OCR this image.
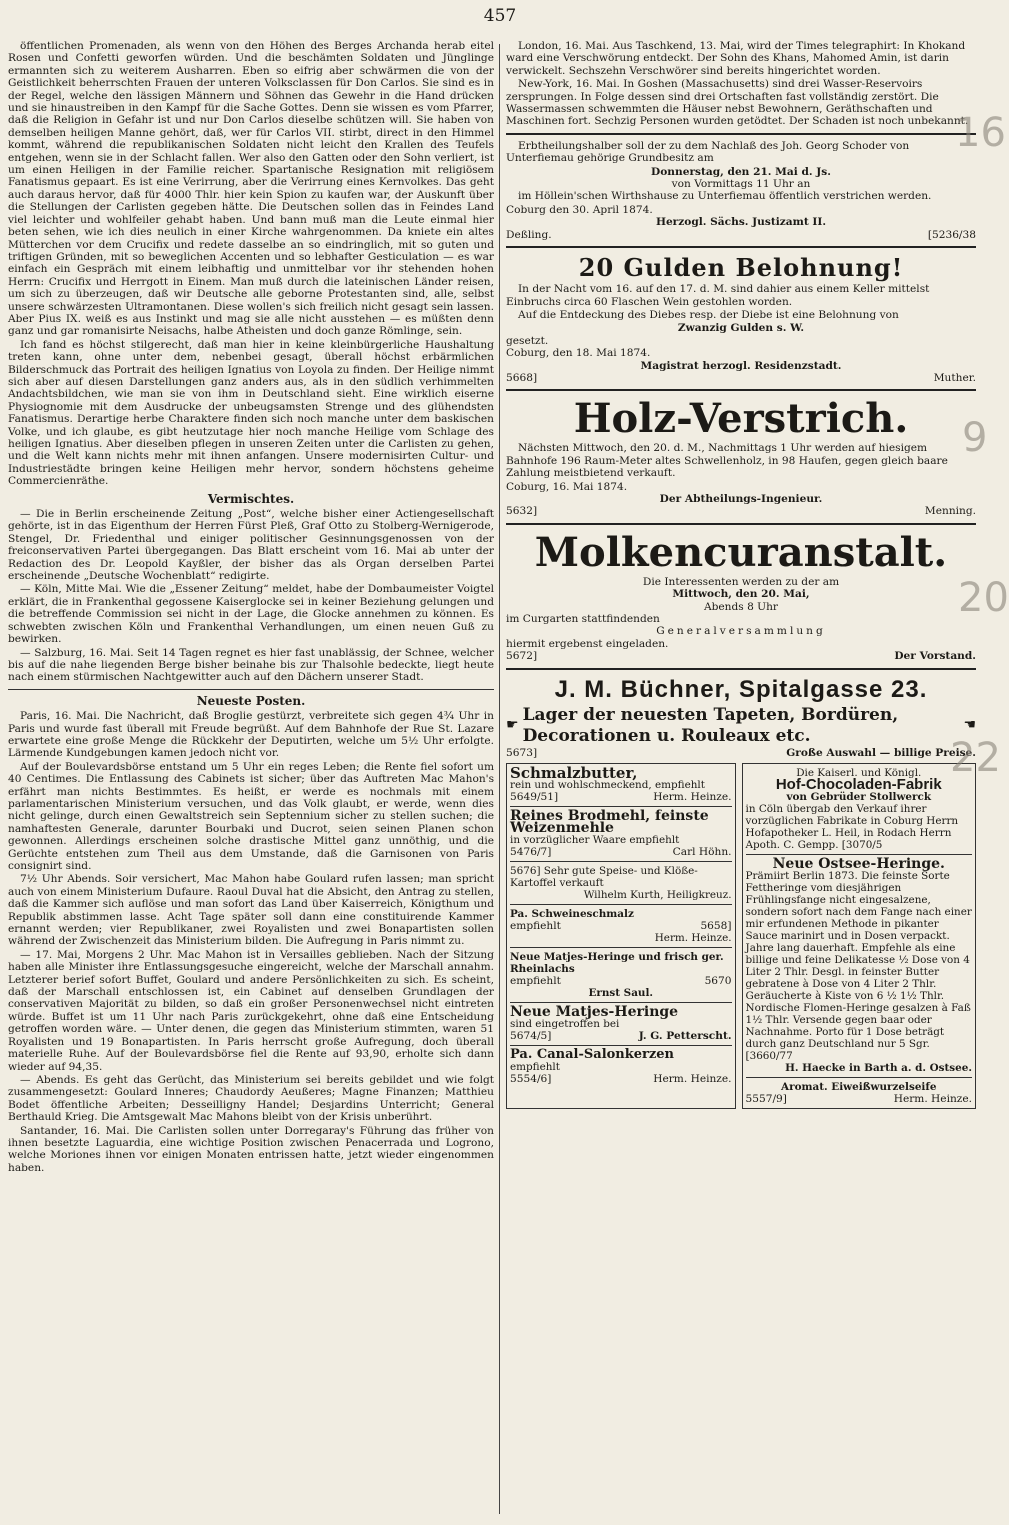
457

öffentlichen Promenaden, als wenn von den Höhen des Berges Archanda herab eitel Rosen und Confetti geworfen würden. Und die beschämten Soldaten und Jünglinge ermannten sich zu weiterem Ausharren. Eben so eifrig aber schwärmen die von der Geistlichkeit beherrschten Frauen der unteren Volksclassen für Don Carlos. Sie sind es in der Regel, welche den lässigen Männern und Söhnen das Gewehr in die Hand drücken und sie hinaustreiben in den Kampf für die Sache Gottes. Denn sie wissen es vom Pfarrer, daß die Religion in Gefahr ist und nur Don Carlos dieselbe schützen will. Sie haben von demselben heiligen Manne gehört, daß, wer für Carlos VII. stirbt, direct in den Himmel kommt, während die republikanischen Soldaten nicht leicht den Krallen des Teufels entgehen, wenn sie in der Schlacht fallen. Wer also den Gatten oder den Sohn verliert, ist um einen Heiligen in der Familie reicher. Spartanische Resignation mit religiösem Fanatismus gepaart. Es ist eine Verirrung, aber die Verirrung eines Kernvolkes. Das geht auch daraus hervor, daß für 4000 Thlr. hier kein Spion zu kaufen war, der Auskunft über die Stellungen der Carlisten gegeben hätte. Die Deutschen sollen das in Feindes Land viel leichter und wohlfeiler gehabt haben. Und bann muß man die Leute einmal hier beten sehen, wie ich dies neulich in einer Kirche wahrgenommen. Da kniete ein altes Mütterchen vor dem Crucifix und redete dasselbe an so eindringlich, mit so guten und triftigen Gründen, mit so beweglichen Accenten und so lebhafter Gesticulation — es war einfach ein Gespräch mit einem leibhaftig und unmittelbar vor ihr stehenden hohen Herrn: Crucifix und Herrgott in Einem. Man muß durch die lateinischen Länder reisen, um sich zu überzeugen, daß wir Deutsche alle geborne Protestanten sind, alle, selbst unsere schwärzesten Ultramontanen. Diese wollen's sich freilich nicht gesagt sein lassen. Aber Pius IX. weiß es aus Instinkt und mag sie alle nicht ausstehen — es müßten denn ganz und gar romanisirte Neisachs, halbe Atheisten und doch ganze Römlinge, sein.

Ich fand es höchst stilgerecht, daß man hier in keine kleinbürgerliche Haushaltung treten kann, ohne unter dem, nebenbei gesagt, überall höchst erbärmlichen Bilderschmuck das Portrait des heiligen Ignatius von Loyola zu finden. Der Heilige nimmt sich aber auf diesen Darstellungen ganz anders aus, als in den südlich verhimmelten Andachtsbildchen, wie man sie von ihm in Deutschland sieht. Eine wirklich eiserne Physiognomie mit dem Ausdrucke der unbeugsamsten Strenge und des glühendsten Fanatismus. Derartige herbe Charaktere finden sich noch manche unter dem baskischen Volke, und ich glaube, es gibt heutzutage hier noch manche Heilige vom Schlage des heiligen Ignatius. Aber dieselben pflegen in unseren Zeiten unter die Carlisten zu gehen, und die Welt kann nichts mehr mit ihnen anfangen. Unsere modernisirten Cultur- und Industriestädte bringen keine Heiligen mehr hervor, sondern höchstens geheime Commercienräthe.

Vermischtes.

— Die in Berlin erscheinende Zeitung „Post“, welche bisher einer Actiengesellschaft gehörte, ist in das Eigenthum der Herren Fürst Pleß, Graf Otto zu Stolberg-Wernigerode, Stengel, Dr. Friedenthal und einiger politischer Gesinnungsgenossen von der freiconservativen Partei übergegangen. Das Blatt erscheint vom 16. Mai ab unter der Redaction des Dr. Leopold Kayßler, der bisher das als Organ derselben Partei erscheinende „Deutsche Wochenblatt“ redigirte.

— Köln, Mitte Mai. Wie die „Essener Zeitung“ meldet, habe der Dombaumeister Voigtel erklärt, die in Frankenthal gegossene Kaiserglocke sei in keiner Beziehung gelungen und die betreffende Commission sei nicht in der Lage, die Glocke annehmen zu können. Es schwebten zwischen Köln und Frankenthal Verhandlungen, um einen neuen Guß zu bewirken.

— Salzburg, 16. Mai. Seit 14 Tagen regnet es hier fast unablässig, der Schnee, welcher bis auf die nahe liegenden Berge bisher beinahe bis zur Thalsohle bedeckte, liegt heute nach einem stürmischen Nachtgewitter auch auf den Dächern unserer Stadt.

Neueste Posten.

Paris, 16. Mai. Die Nachricht, daß Broglie gestürzt, verbreitete sich gegen 4¾ Uhr in Paris und wurde fast überall mit Freude begrüßt. Auf dem Bahnhofe der Rue St. Lazare erwartete eine große Menge die Rückkehr der Deputirten, welche um 5½ Uhr erfolgte. Lärmende Kundgebungen kamen jedoch nicht vor.

Auf der Boulevardsbörse entstand um 5 Uhr ein reges Leben; die Rente fiel sofort um 40 Centimes. Die Entlassung des Cabinets ist sicher; über das Auftreten Mac Mahon's erfährt man nichts Bestimmtes. Es heißt, er werde es nochmals mit einem parlamentarischen Ministerium versuchen, und das Volk glaubt, er werde, wenn dies nicht gelinge, durch einen Gewaltstreich sein Septennium sicher zu stellen suchen; die namhaftesten Generale, darunter Bourbaki und Ducrot, seien seinen Planen schon gewonnen. Allerdings erscheinen solche drastische Mittel ganz unnöthig, und die Gerüchte entstehen zum Theil aus dem Umstande, daß die Garnisonen von Paris consignirt sind.

7½ Uhr Abends. Soir versichert, Mac Mahon habe Goulard rufen lassen; man spricht auch von einem Ministerium Dufaure. Raoul Duval hat die Absicht, den Antrag zu stellen, daß die Kammer sich auflöse und man sofort das Land über Kaiserreich, Königthum und Republik abstimmen lasse. Acht Tage später soll dann eine constituirende Kammer ernannt werden; vier Republikaner, zwei Royalisten und zwei Bonapartisten sollen während der Zwischenzeit das Ministerium bilden. Die Aufregung in Paris nimmt zu.

— 17. Mai, Morgens 2 Uhr. Mac Mahon ist in Versailles geblieben. Nach der Sitzung haben alle Minister ihre Entlassungsgesuche eingereicht, welche der Marschall annahm. Letzterer berief sofort Buffet, Goulard und andere Persönlichkeiten zu sich. Es scheint, daß der Marschall entschlossen ist, ein Cabinet auf denselben Grundlagen der conservativen Majorität zu bilden, so daß ein großer Personenwechsel nicht eintreten würde. Buffet ist um 11 Uhr nach Paris zurückgekehrt, ohne daß eine Entscheidung getroffen worden wäre. — Unter denen, die gegen das Ministerium stimmten, waren 51 Royalisten und 19 Bonapartisten. In Paris herrscht große Aufregung, doch überall materielle Ruhe. Auf der Boulevardsbörse fiel die Rente auf 93,90, erholte sich dann wieder auf 94,35.

— Abends. Es geht das Gerücht, das Ministerium sei bereits gebildet und wie folgt zusammengesetzt: Goulard Inneres; Chaudordy Aeußeres; Magne Finanzen; Matthieu Bodet öffentliche Arbeiten; Desseilligny Handel; Desjardins Unterricht; General Berthauld Krieg. Die Amtsgewalt Mac Mahons bleibt von der Krisis unberührt.

Santander, 16. Mai. Die Carlisten sollen unter Dorregaray's Führung das früher von ihnen besetzte Laguardia, eine wichtige Position zwischen Penacerrada und Logrono, welche Moriones ihnen vor einigen Monaten entrissen hatte, jetzt wieder eingenommen haben.

London, 16. Mai. Aus Taschkend, 13. Mai, wird der Times telegraphirt: In Khokand ward eine Verschwörung entdeckt. Der Sohn des Khans, Mahomed Amin, ist darin verwickelt. Sechszehn Verschwörer sind bereits hingerichtet worden.

New-York, 16. Mai. In Goshen (Massachusetts) sind drei Wasser-Reservoirs zersprungen. In Folge dessen sind drei Ortschaften fast vollständig zerstört. Die Wassermassen schwemmten die Häuser nebst Bewohnern, Geräthschaften und Maschinen fort. Sechzig Personen wurden getödtet. Der Schaden ist noch unbekannt.

Erbtheilungshalber soll der zu dem Nachlaß des Joh. Georg Schoder von Unterfiemau gehörige Grundbesitz am

Donnerstag, den 21. Mai d. Js.
von Vormittags 11 Uhr an

im Höllein'schen Wirthshause zu Unterfiemau öffentlich verstrichen werden.

Coburg den 30. April 1874.
Herzogl. Sächs. Justizamt II.
Deßling.	[5236/38
20 Gulden Belohnung!

In der Nacht vom 16. auf den 17. d. M. sind dahier aus einem Keller mittelst Einbruchs circa 60 Flaschen Wein gestohlen worden.

Auf die Entdeckung des Diebes resp. der Diebe ist eine Belohnung von

Zwanzig Gulden s. W.
gesetzt.
Coburg, den 18. Mai 1874.
Magistrat herzogl. Residenzstadt.
5668]	Muther.
Holz-Verstrich.

Nächsten Mittwoch, den 20. d. M., Nachmittags 1 Uhr werden auf hiesigem Bahnhofe 196 Raum-Meter altes Schwellenholz, in 98 Haufen, gegen gleich baare Zahlung meistbietend verkauft.

Coburg, 16. Mai 1874.
Der Abtheilungs-Ingenieur.
5632]	Menning.
Molkencuranstalt.
Die Interessenten werden zu der am
Mittwoch, den 20. Mai,
Abends 8 Uhr
im Curgarten stattfindenden
Generalversammlung
hiermit ergebenst eingeladen.
5672]	Der Vorstand.
J. M. Büchner, Spitalgasse 23.
☛
Lager der neuesten Tapeten, Bordüren, Decorationen u. Rouleaux etc.
☚
5673]	Große Auswahl — billige Preise.
Schmalzbutter,
rein und wohlschmeckend, empfiehlt
5649/51]	Herm. Heinze.
Reines Brodmehl, feinste Weizenmehle
in vorzüglicher Waare empfiehlt
5476/7]	Carl Höhn.
5676] Sehr gute Speise- und Klöße-Kartoffel verkauft
Wilhelm Kurth, Heiligkreuz.
Pa. Schweineschmalz
empfiehlt	5658]
Herm. Heinze.
Neue Matjes-Heringe und frisch ger. Rheinlachs
empfiehlt	5670
Ernst Saul.
Neue Matjes-Heringe
sind eingetroffen bei
5674/5]	J. G. Petterscht.
Pa. Canal-Salonkerzen
empfiehlt
5554/6]	Herm. Heinze.
Die Kaiserl. und Königl.
Hof-Chocoladen-Fabrik
von Gebrüder Stollwerck
in Cöln übergab den Verkauf ihrer vorzüglichen Fabrikate in Coburg Herrn Hofapotheker L. Heil, in Rodach Herrn Apoth. C. Gempp. [3070/5
Neue Ostsee-Heringe.
Prämiirt Berlin 1873. Die feinste Sorte Fettheringe vom diesjährigen Frühlingsfange nicht eingesalzene, sondern sofort nach dem Fange nach einer mir erfundenen Methode in pikanter Sauce marinirt und in Dosen verpackt. Jahre lang dauerhaft. Empfehle als eine billige und feine Delikatesse ½ Dose von 4 Liter 2 Thlr. Desgl. in feinster Butter gebratene à Dose von 4 Liter 2 Thlr. Geräucherte à Kiste von 6 ½ 1½ Thlr. Nordische Flomen-Heringe gesalzen à Faß 1½ Thlr. Versende gegen baar oder Nachnahme. Porto für 1 Dose beträgt durch ganz Deutschland nur 5 Sgr. [3660/77
H. Haecke in Barth a. d. Ostsee.
Aromat. Eiweißwurzelseife
5557/9]	Herm. Heinze.
16
9
20
22
